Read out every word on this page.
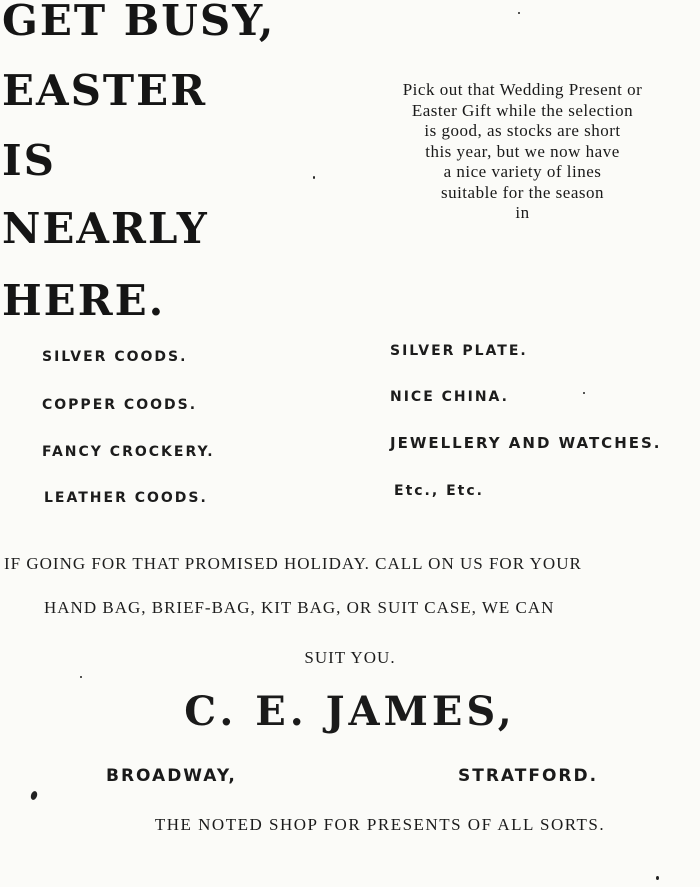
GET BUSY,
EASTER
IS
NEARLY
HERE.
Pick out that Wedding Present or
Easter Gift while the selection
is good, as stocks are short
this year, but we now have
a nice variety of lines
suitable for the season
in
SILVER COODS.
COPPER COODS.
FANCY CROCKERY.
LEATHER COODS.
SILVER PLATE.
NICE CHINA.
JEWELLERY AND WATCHES.
Etc., Etc.
IF GOING FOR THAT PROMISED HOLIDAY. CALL ON US FOR YOUR
HAND BAG, BRIEF-BAG, KIT BAG, OR SUIT CASE, WE CAN
SUIT YOU.
C. E. JAMES,
BROADWAY,	STRATFORD.
THE NOTED SHOP FOR PRESENTS OF ALL SORTS.
